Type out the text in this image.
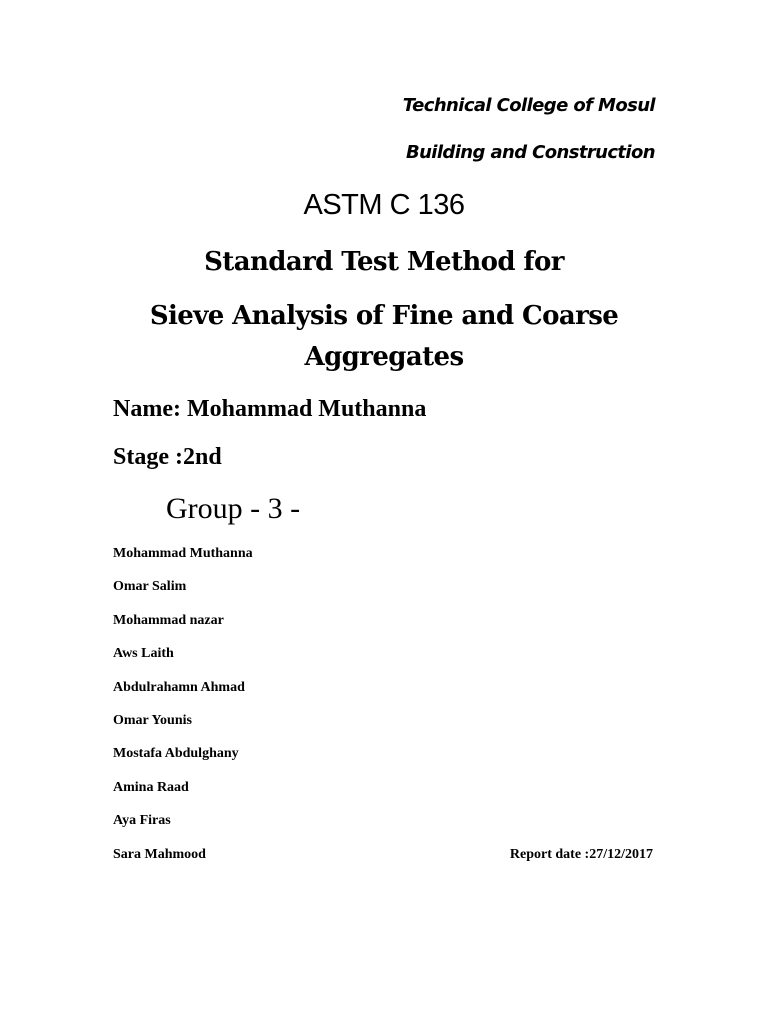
Technical College of Mosul
Building and Construction
ASTM C 136
Standard Test Method for
Sieve Analysis of Fine and Coarse
Aggregates
Name: Mohammad Muthanna
Stage :2nd
Group - 3 -
Mohammad Muthanna
Omar Salim
Mohammad nazar
Aws Laith
Abdulrahamn Ahmad
Omar Younis
Mostafa Abdulghany
Amina Raad
Aya Firas
Sara Mahmood	Report date :27/12/2017
